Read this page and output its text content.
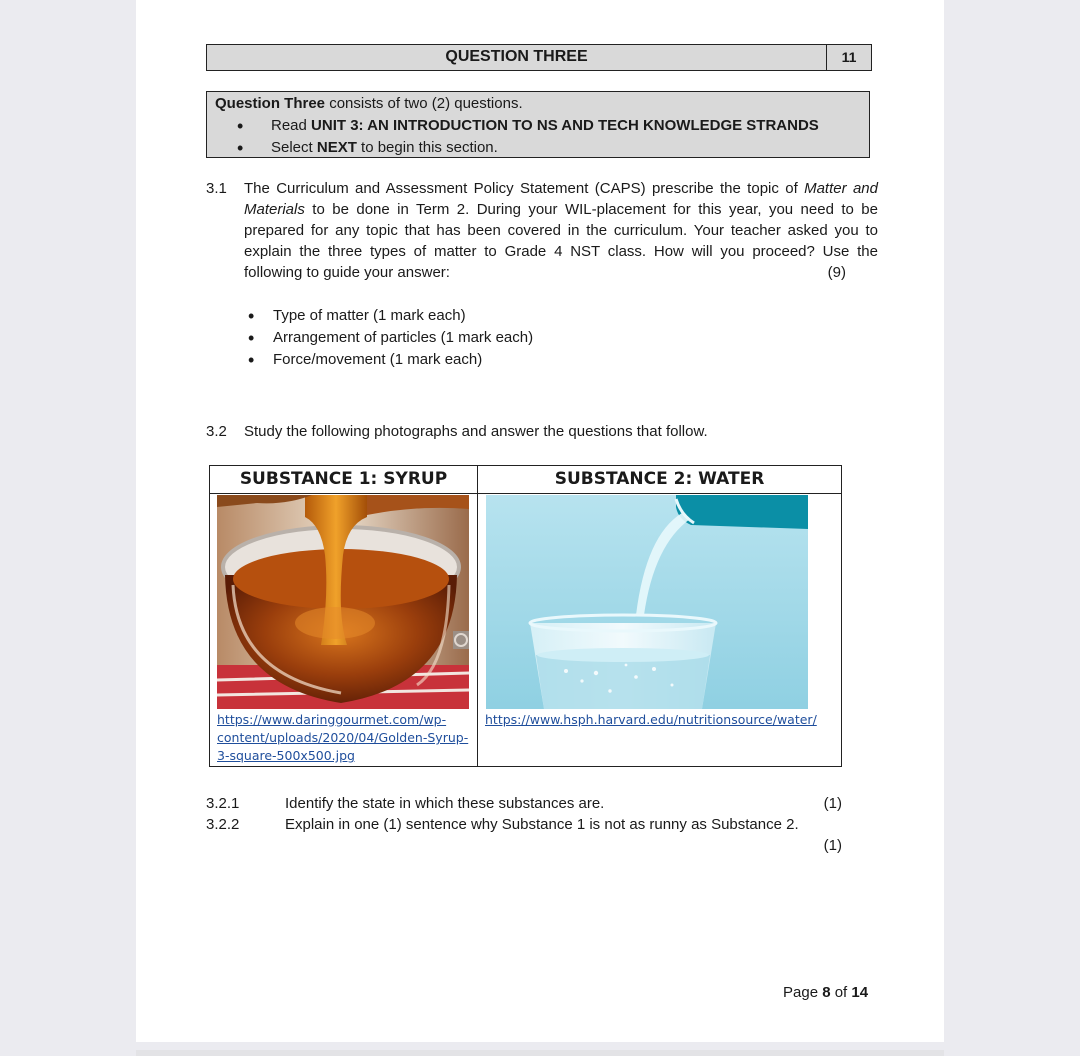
QUESTION THREE	11
Question Three consists of two (2) questions.
•	Read UNIT 3: AN INTRODUCTION TO NS AND TECH KNOWLEDGE STRANDS
•	Select NEXT to begin this section.
3.1 The Curriculum and Assessment Policy Statement (CAPS) prescribe the topic of Matter and Materials to be done in Term 2. During your WIL-placement for this year, you need to be prepared for any topic that has been covered in the curriculum. Your teacher asked you to explain the three types of matter to Grade 4 NST class. How will you proceed? Use the following to guide your answer:	(9)
•	Type of matter (1 mark each)
•	Arrangement of particles (1 mark each)
•	Force/movement (1 mark each)
3.2 Study the following photographs and answer the questions that follow.
SUBSTANCE 1: SYRUP	SUBSTANCE 2: WATER

https://www.daringgourmet.com/wp-content/uploads/2020/04/Golden-Syrup-3-square-500x500.jpg	https://www.hsph.harvard.edu/nutritionsource/water/
3.2.1	Identify the state in which these substances are.	(1)
3.2.2	Explain in one (1) sentence why Substance 1 is not as runny as Substance 2.
(1)
Page 8 of 14
